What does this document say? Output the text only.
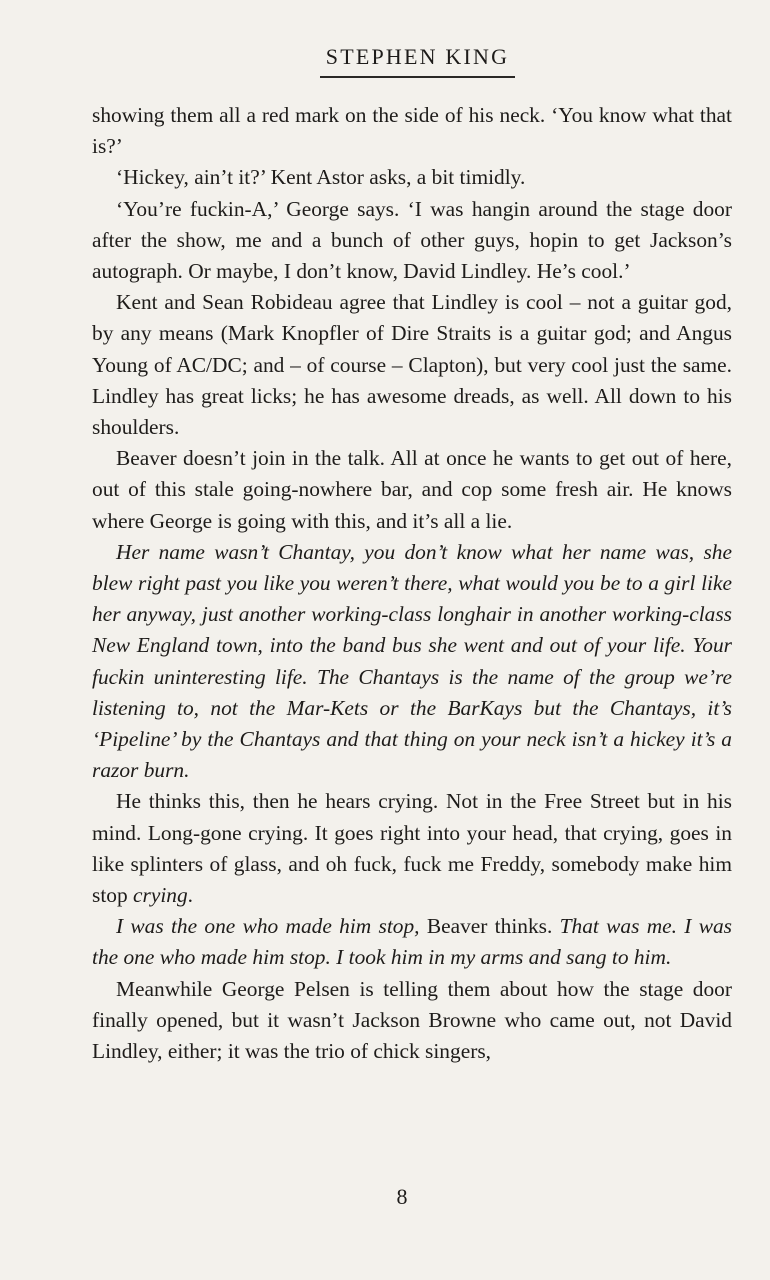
STEPHEN KING

showing them all a red mark on the side of his neck. ‘You know what that is?’

‘Hickey, ain’t it?’ Kent Astor asks, a bit timidly.

‘You’re fuckin-A,’ George says. ‘I was hangin around the stage door after the show, me and a bunch of other guys, hopin to get Jackson’s autograph. Or maybe, I don’t know, David Lindley. He’s cool.’

Kent and Sean Robideau agree that Lindley is cool – not a guitar god, by any means (Mark Knopfler of Dire Straits is a guitar god; and Angus Young of AC/DC; and – of course – Clapton), but very cool just the same. Lindley has great licks; he has awesome dreads, as well. All down to his shoulders.

Beaver doesn’t join in the talk. All at once he wants to get out of here, out of this stale going-nowhere bar, and cop some fresh air. He knows where George is going with this, and it’s all a lie.

Her name wasn’t Chantay, you don’t know what her name was, she blew right past you like you weren’t there, what would you be to a girl like her anyway, just another working-class longhair in another working-class New England town, into the band bus she went and out of your life. Your fuckin uninteresting life. The Chantays is the name of the group we’re listening to, not the Mar-Kets or the BarKays but the Chantays, it’s ‘Pipeline’ by the Chantays and that thing on your neck isn’t a hickey it’s a razor burn.

He thinks this, then he hears crying. Not in the Free Street but in his mind. Long-gone crying. It goes right into your head, that crying, goes in like splinters of glass, and oh fuck, fuck me Freddy, somebody make him stop crying.

I was the one who made him stop, Beaver thinks. That was me. I was the one who made him stop. I took him in my arms and sang to him.

Meanwhile George Pelsen is telling them about how the stage door finally opened, but it wasn’t Jackson Browne who came out, not David Lindley, either; it was the trio of chick singers,

8
